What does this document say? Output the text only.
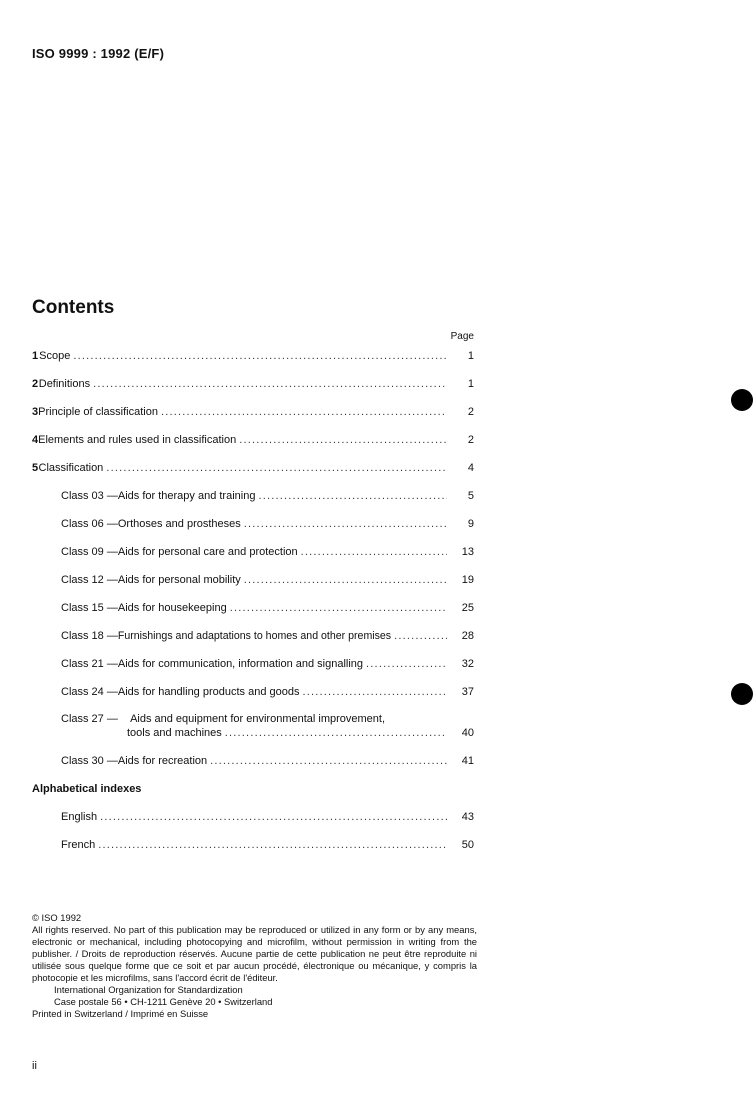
ISO 9999 : 1992 (E/F)
Contents
Page
1 Scope .....	1
2 Definitions .....	1
3 Principle of classification .....	2
4 Elements and rules used in classification .....	2
5 Classification .....	4
Class 03 — Aids for therapy and training .....	5
Class 06 — Orthoses and prostheses .....	9
Class 09 — Aids for personal care and protection .....	13
Class 12 — Aids for personal mobility .....	19
Class 15 — Aids for housekeeping .....	25
Class 18 — Furnishings and adaptations to homes and other premises .....	28
Class 21 — Aids for communication, information and signalling .....	32
Class 24 — Aids for handling products and goods .....	37
Class 27 — Aids and equipment for environmental improvement,
tools and machines .....	40
Class 30 — Aids for recreation .....	41
Alphabetical indexes
English .....	43
French .....	50

© ISO 1992

All rights reserved. No part of this publication may be reproduced or utilized in any form or by any means, electronic or mechanical, including photocopying and microfilm, without permission in writing from the publisher. / Droits de reproduction réservés. Aucune partie de cette publication ne peut être reproduite ni utilisée sous quelque forme que ce soit et par aucun procédé, électronique ou mécanique, y compris la photocopie et les microfilms, sans l'accord écrit de l'éditeur.

International Organization for Standardization

Case postale 56 • CH-1211 Genève 20 • Switzerland

Printed in Switzerland / Imprimé en Suisse

ii
